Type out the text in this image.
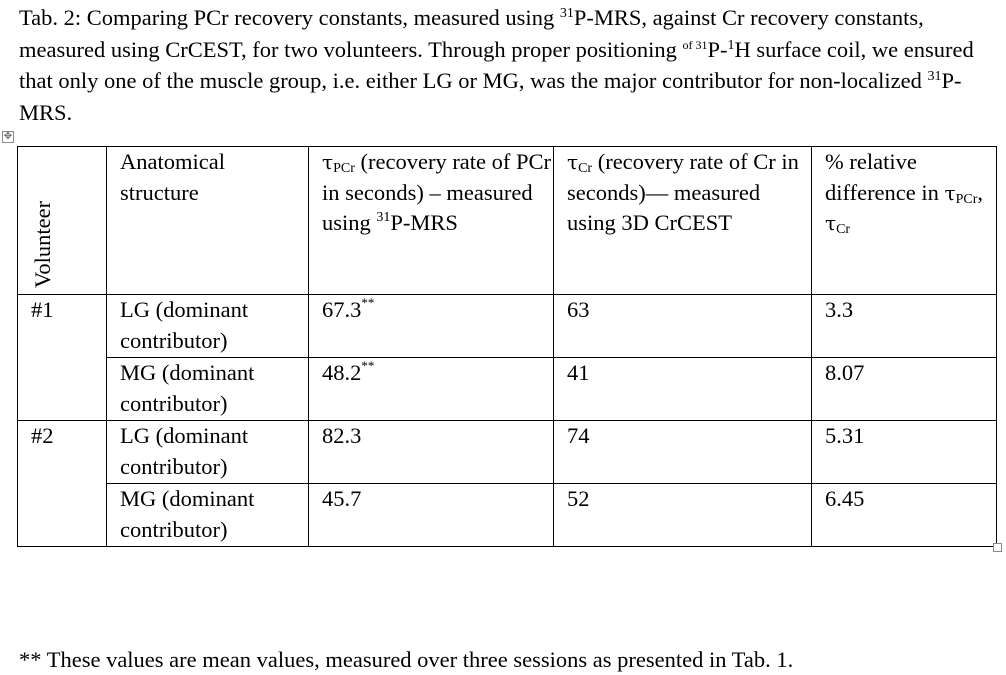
Tab. 2: Comparing PCr recovery constants, measured using $^{31}$P-MRS, against Cr recovery constants, measured using CrCEST, for two volunteers. Through proper positioning $^{of 31}$P-$^1$H surface coil, we ensured that only one of the muscle group, i.e. either LG or MG, was the major contributor for non-localized $^{31}$P-MRS.

✥
Volunteer	Anatomical structure	$\tau_{PCr}$ (recovery rate of PCr in seconds) – measured using $^{31}$P-MRS	$\tau_{Cr}$ (recovery rate of Cr in seconds)— measured using 3D CrCEST	% relative difference in $\tau_{PCr}$, $\tau_{Cr}$
#1	LG (dominant contributor)	67.3**	63	3.3
	MG (dominant contributor)	48.2**	41	8.07
#2	LG (dominant contributor)	82.3	74	5.31
	MG (dominant contributor)	45.7	52	6.45
** These values are mean values, measured over three sessions as presented in Tab. 1.
